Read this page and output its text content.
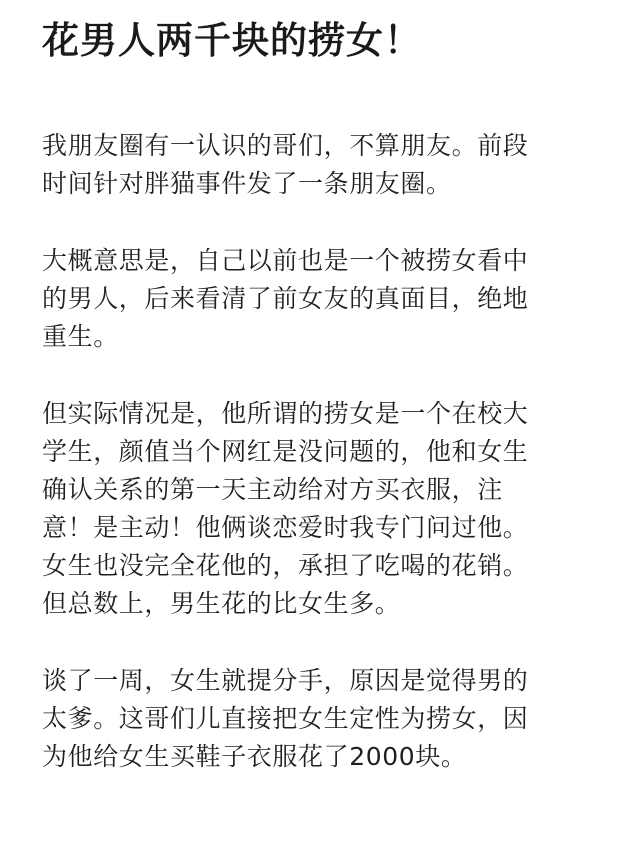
花男人两千块的捞女！

我朋友圈有一认识的哥们，不算朋友。前段
时间针对胖猫事件发了一条朋友圈。

大概意思是，自己以前也是一个被捞女看中
的男人，后来看清了前女友的真面目，绝地
重生。

但实际情况是，他所谓的捞女是一个在校大
学生，颜值当个网红是没问题的，他和女生
确认关系的第一天主动给对方买衣服，注
意！是主动！他俩谈恋爱时我专门问过他。
女生也没完全花他的，承担了吃喝的花销。
但总数上，男生花的比女生多。

谈了一周，女生就提分手，原因是觉得男的
太爹。这哥们儿直接把女生定性为捞女，因
为他给女生买鞋子衣服花了2000块。
